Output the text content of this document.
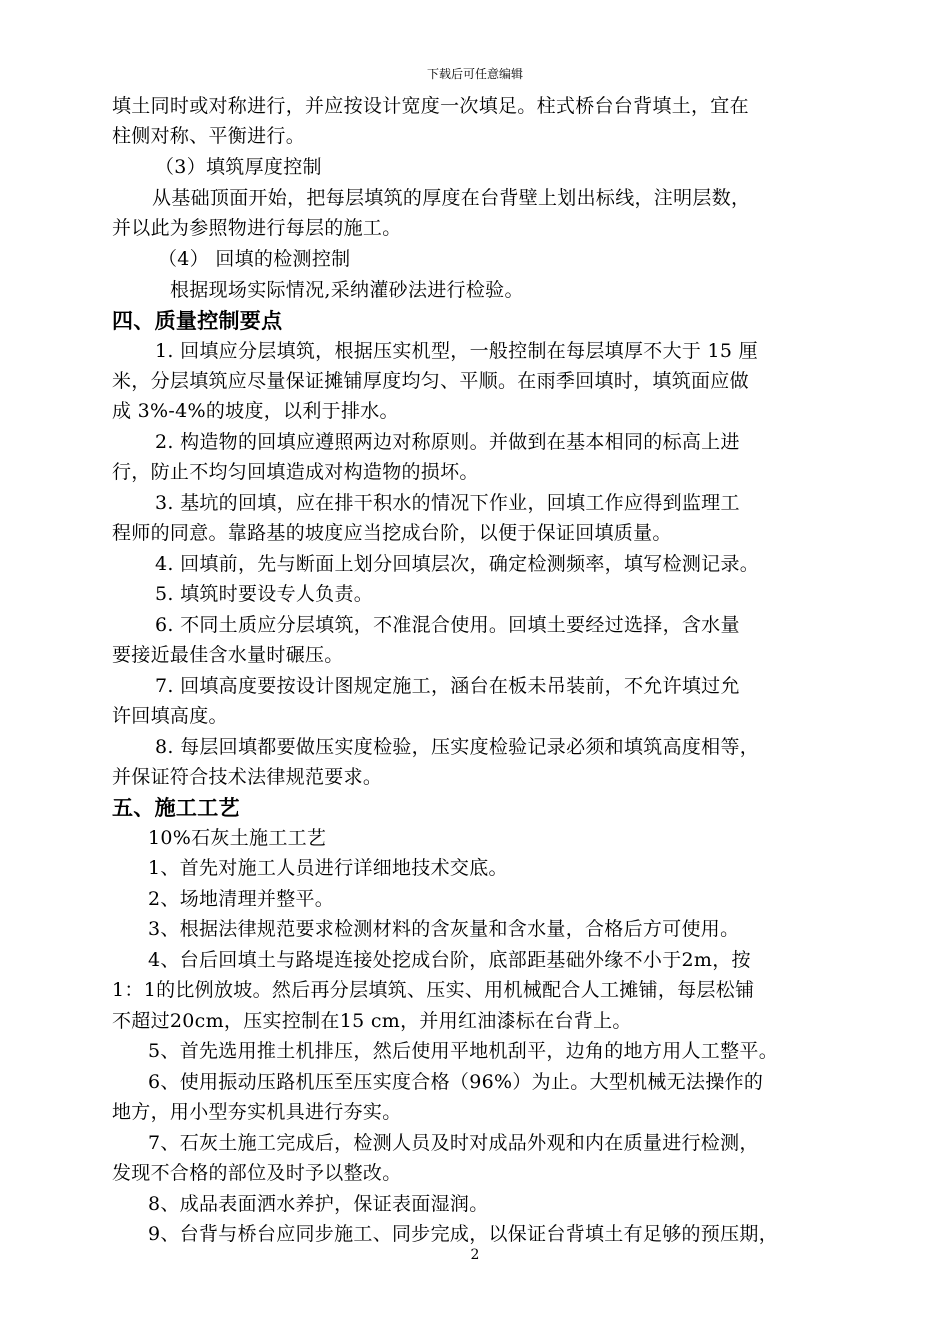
下载后可任意编辑
填土同时或对称进行，并应按设计宽度一次填足。柱式桥台台背填土，宜在
柱侧对称、平衡进行。
（3）填筑厚度控制
从基础顶面开始，把每层填筑的厚度在台背壁上划出标线，注明层数，
并以此为参照物进行每层的施工。
（4） 回填的检测控制
根据现场实际情况,采纳灌砂法进行检验。
四、质量控制要点
1. 回填应分层填筑，根据压实机型，一般控制在每层填厚不大于 15 厘
米，分层填筑应尽量保证摊铺厚度均匀、平顺。在雨季回填时，填筑面应做
成 3%-4%的坡度，以利于排水。
2. 构造物的回填应遵照两边对称原则。并做到在基本相同的标高上进
行，防止不均匀回填造成对构造物的损坏。
3. 基坑的回填，应在排干积水的情况下作业，回填工作应得到监理工
程师的同意。靠路基的坡度应当挖成台阶，以便于保证回填质量。
4. 回填前，先与断面上划分回填层次，确定检测频率，填写检测记录。
5. 填筑时要设专人负责。
6. 不同土质应分层填筑，不准混合使用。回填土要经过选择，含水量
要接近最佳含水量时碾压。
7. 回填高度要按设计图规定施工，涵台在板未吊装前，不允许填过允
许回填高度。
8. 每层回填都要做压实度检验，压实度检验记录必须和填筑高度相等，
并保证符合技术法律规范要求。
五、施工工艺
10%石灰土施工工艺
1、首先对施工人员进行详细地技术交底。
2、场地清理并整平。
3、根据法律规范要求检测材料的含灰量和含水量，合格后方可使用。
4、台后回填土与路堤连接处挖成台阶，底部距基础外缘不小于2m，按
1：1的比例放坡。然后再分层填筑、压实、用机械配合人工摊铺，每层松铺
不超过20cm，压实控制在15 cm，并用红油漆标在台背上。
5、首先选用推土机排压，然后使用平地机刮平，边角的地方用人工整平。
6、使用振动压路机压至压实度合格（96%）为止。大型机械无法操作的
地方，用小型夯实机具进行夯实。
7、石灰土施工完成后，检测人员及时对成品外观和内在质量进行检测，
发现不合格的部位及时予以整改。
8、成品表面洒水养护，保证表面湿润。
9、台背与桥台应同步施工、同步完成，以保证台背填土有足够的预压期，
2
